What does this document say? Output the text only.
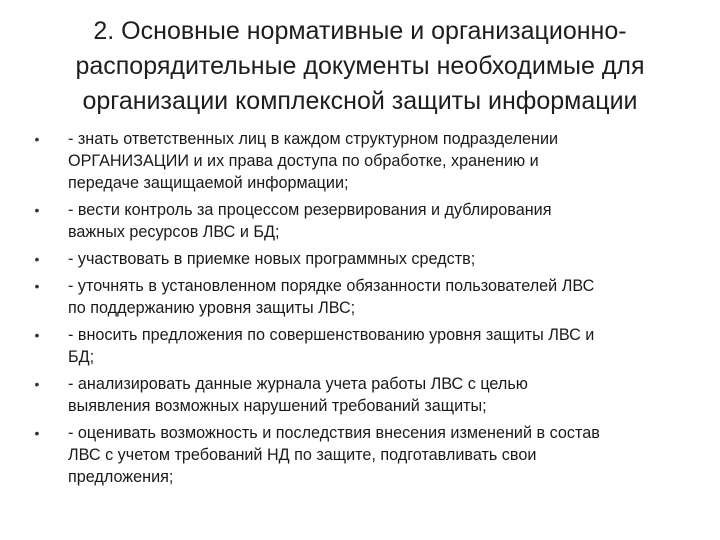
2. Основные нормативные и организационно-
распорядительные документы необходимые для
организации комплексной защиты информации
• - знать ответственных лиц в каждом структурном подразделении
ОРГАНИЗАЦИИ и их права доступа по обработке, хранению и
передаче защищаемой информации;
• - вести контроль за процессом резервирования и дублирования
важных ресурсов ЛВС и БД;
• - участвовать в приемке новых программных средств;
• - уточнять в установленном порядке обязанности пользователей ЛВС
по поддержанию уровня защиты ЛВС;
• - вносить предложения по совершенствованию уровня защиты ЛВС и
БД;
• - анализировать данные журнала учета работы ЛВС с целью
выявления возможных нарушений требований защиты;
• - оценивать возможность и последствия внесения изменений в состав
ЛВС с учетом требований НД по защите, подготавливать свои
предложения;
